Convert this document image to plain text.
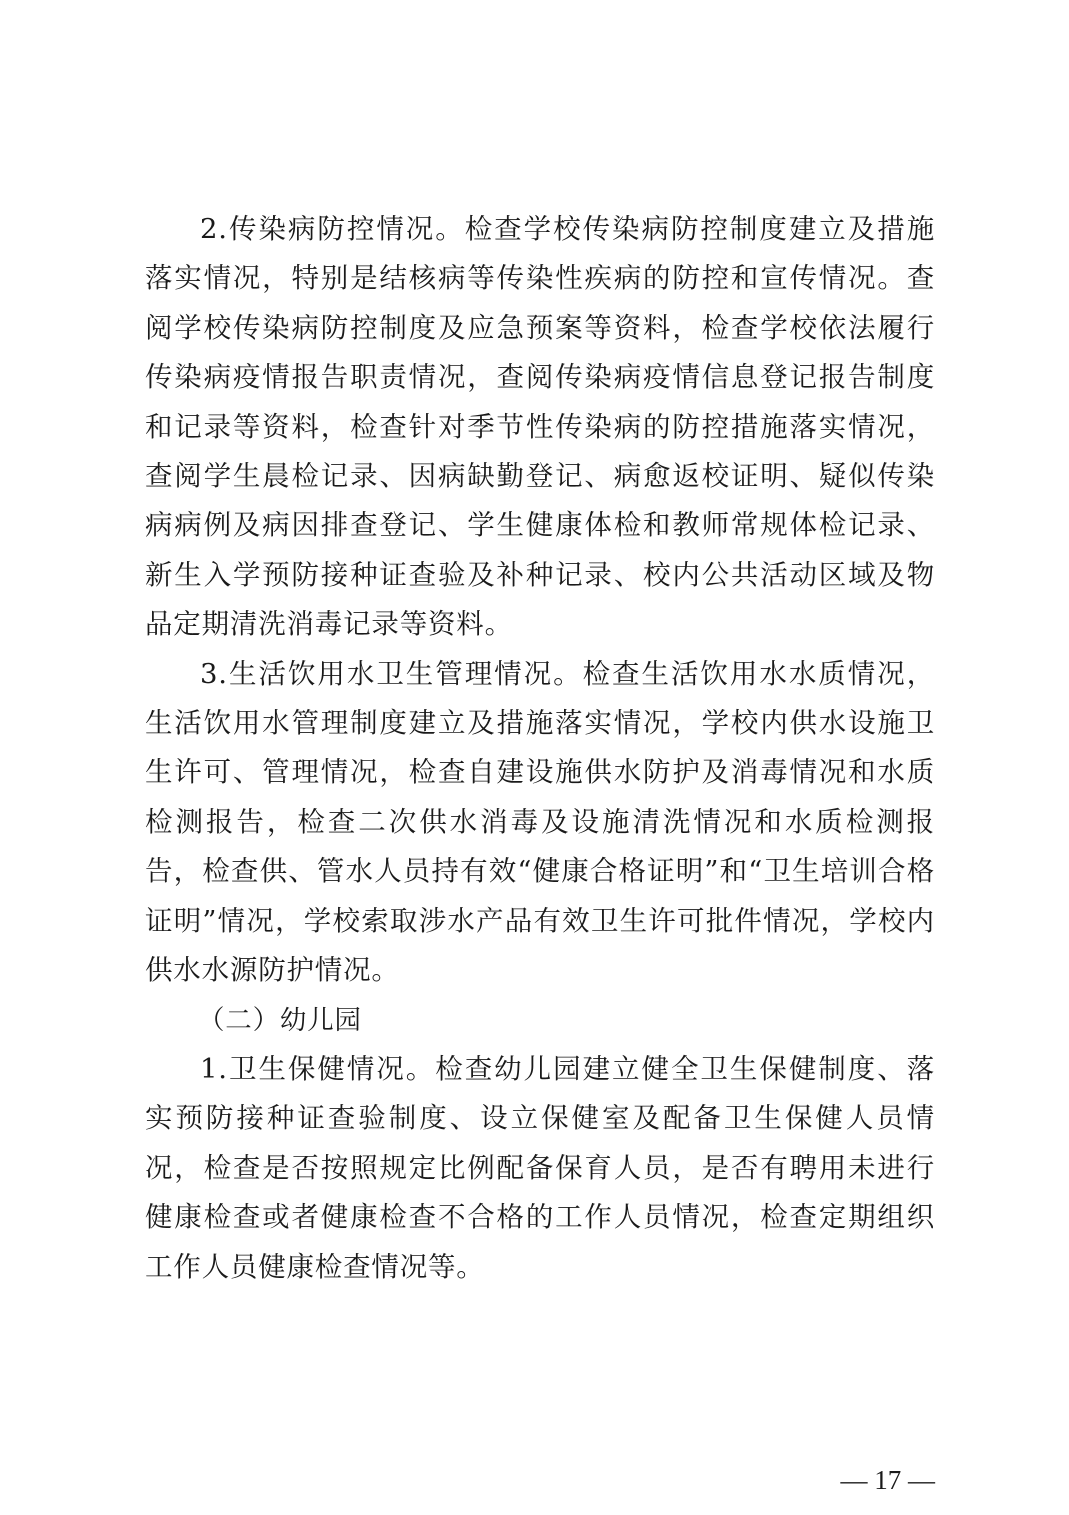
2.传染病防控情况。检查学校传染病防控制度建立及措施落实情况，特别是结核病等传染性疾病的防控和宣传情况。查阅学校传染病防控制度及应急预案等资料，检查学校依法履行传染病疫情报告职责情况，查阅传染病疫情信息登记报告制度和记录等资料，检查针对季节性传染病的防控措施落实情况，查阅学生晨检记录、因病缺勤登记、病愈返校证明、疑似传染病病例及病因排查登记、学生健康体检和教师常规体检记录、新生入学预防接种证查验及补种记录、校内公共活动区域及物品定期清洗消毒记录等资料。

3.生活饮用水卫生管理情况。检查生活饮用水水质情况，生活饮用水管理制度建立及措施落实情况，学校内供水设施卫生许可、管理情况，检查自建设施供水防护及消毒情况和水质检测报告，检查二次供水消毒及设施清洗情况和水质检测报告，检查供、管水人员持有效“健康合格证明”和“卫生培训合格证明”情况，学校索取涉水产品有效卫生许可批件情况，学校内供水水源防护情况。

（二）幼儿园

1.卫生保健情况。检查幼儿园建立健全卫生保健制度、落实预防接种证查验制度、设立保健室及配备卫生保健人员情况，检查是否按照规定比例配备保育人员，是否有聘用未进行健康检查或者健康检查不合格的工作人员情况，检查定期组织工作人员健康检查情况等。

— 17 —
